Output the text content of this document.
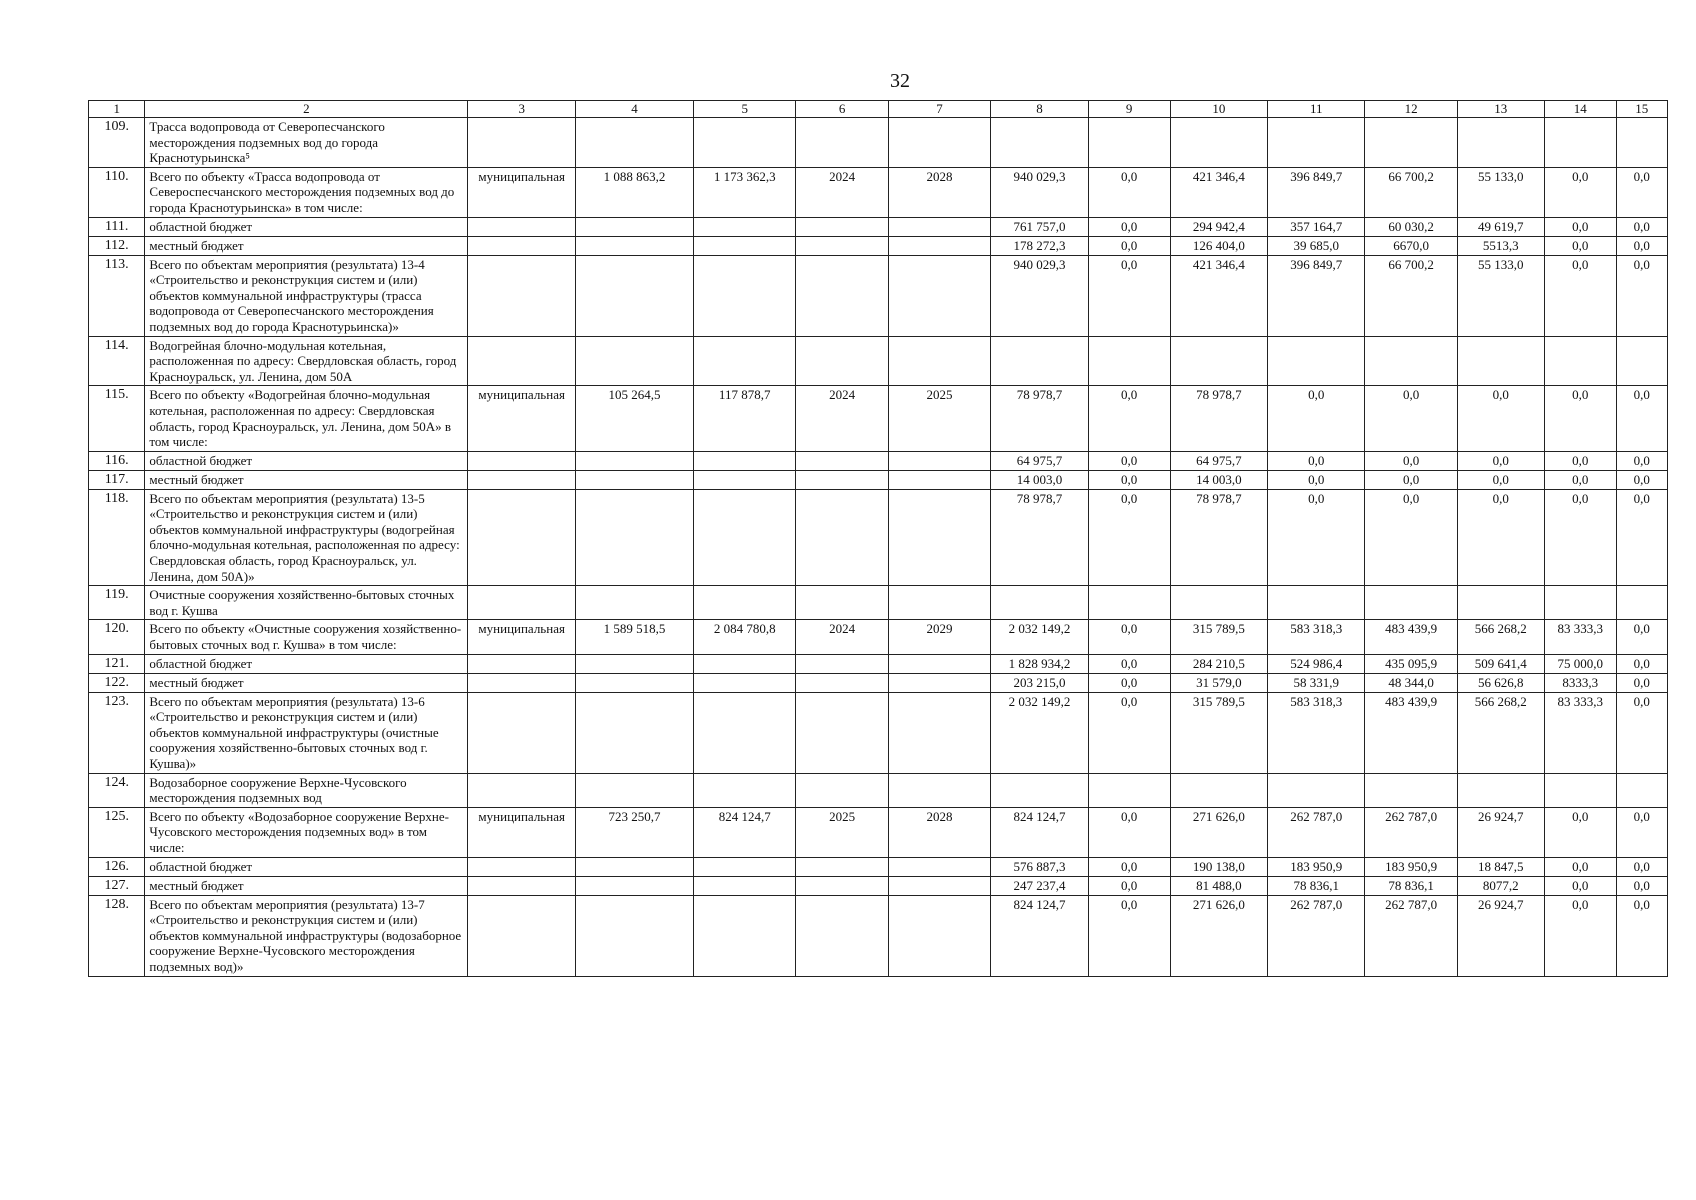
32
1	2	3	4	5	6	7	8	9	10	11	12	13	14	15
109.	Трасса водопровода от Северопесчанского месторождения подземных вод до города Краснотурьинска⁵													
110.	Всего по объекту «Трасса водопровода от Североспесчанского месторождения подземных вод до города Краснотурьинска» в том числе:	муниципальная	1 088 863,2	1 173 362,3	2024	2028	940 029,3	0,0	421 346,4	396 849,7	66 700,2	55 133,0	0,0	0,0
111.	областной бюджет						761 757,0	0,0	294 942,4	357 164,7	60 030,2	49 619,7	0,0	0,0
112.	местный бюджет						178 272,3	0,0	126 404,0	39 685,0	6670,0	5513,3	0,0	0,0
113.	Всего по объектам мероприятия (результата) 13-4 «Строительство и реконструкция систем и (или) объектов коммунальной инфраструктуры (трасса водопровода от Северопесчанского месторождения подземных вод до города Краснотурьинска)»						940 029,3	0,0	421 346,4	396 849,7	66 700,2	55 133,0	0,0	0,0
114.	Водогрейная блочно-модульная котельная, расположенная по адресу: Свердловская область, город Красноуральск, ул. Ленина, дом 50А													
115.	Всего по объекту «Водогрейная блочно-модульная котельная, расположенная по адресу: Свердловская область, город Красноуральск, ул. Ленина, дом 50А» в том числе:	муниципальная	105 264,5	117 878,7	2024	2025	78 978,7	0,0	78 978,7	0,0	0,0	0,0	0,0	0,0
116.	областной бюджет						64 975,7	0,0	64 975,7	0,0	0,0	0,0	0,0	0,0
117.	местный бюджет						14 003,0	0,0	14 003,0	0,0	0,0	0,0	0,0	0,0
118.	Всего по объектам мероприятия (результата) 13-5 «Строительство и реконструкция систем и (или) объектов коммунальной инфраструктуры (водогрейная блочно-модульная котельная, расположенная по адресу: Свердловская область, город Красноуральск, ул. Ленина, дом 50А)»						78 978,7	0,0	78 978,7	0,0	0,0	0,0	0,0	0,0
119.	Очистные сооружения хозяйственно-бытовых сточных вод г. Кушва													
120.	Всего по объекту «Очистные сооружения хозяйственно-бытовых сточных вод г. Кушва» в том числе:	муниципальная	1 589 518,5	2 084 780,8	2024	2029	2 032 149,2	0,0	315 789,5	583 318,3	483 439,9	566 268,2	83 333,3	0,0
121.	областной бюджет						1 828 934,2	0,0	284 210,5	524 986,4	435 095,9	509 641,4	75 000,0	0,0
122.	местный бюджет						203 215,0	0,0	31 579,0	58 331,9	48 344,0	56 626,8	8333,3	0,0
123.	Всего по объектам мероприятия (результата) 13-6 «Строительство и реконструкция систем и (или) объектов коммунальной инфраструктуры (очистные сооружения хозяйственно-бытовых сточных вод г. Кушва)»						2 032 149,2	0,0	315 789,5	583 318,3	483 439,9	566 268,2	83 333,3	0,0
124.	Водозаборное сооружение Верхне-Чусовского месторождения подземных вод													
125.	Всего по объекту «Водозаборное сооружение Верхне-Чусовского месторождения подземных вод» в том числе:	муниципальная	723 250,7	824 124,7	2025	2028	824 124,7	0,0	271 626,0	262 787,0	262 787,0	26 924,7	0,0	0,0
126.	областной бюджет						576 887,3	0,0	190 138,0	183 950,9	183 950,9	18 847,5	0,0	0,0
127.	местный бюджет						247 237,4	0,0	81 488,0	78 836,1	78 836,1	8077,2	0,0	0,0
128.	Всего по объектам мероприятия (результата) 13-7 «Строительство и реконструкция систем и (или) объектов коммунальной инфраструктуры (водозаборное сооружение Верхне-Чусовского месторождения подземных вод)»						824 124,7	0,0	271 626,0	262 787,0	262 787,0	26 924,7	0,0	0,0
